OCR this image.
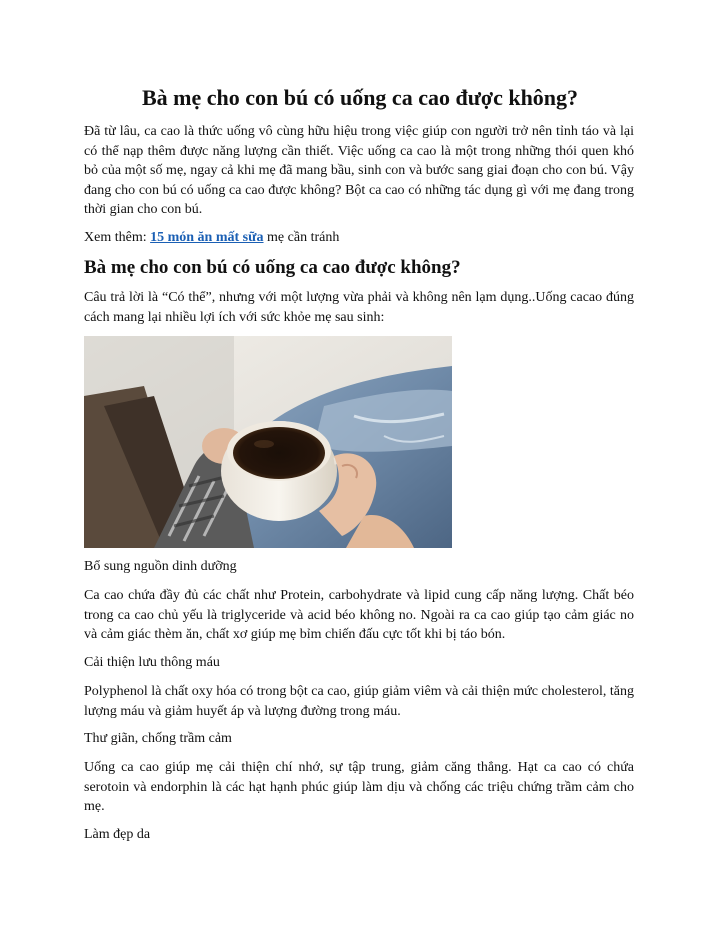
Bà mẹ cho con bú có uống ca cao được không?

Đã từ lâu, ca cao là thức uống vô cùng hữu hiệu trong việc giúp con người trở nên tỉnh táo và lại có thể nạp thêm được năng lượng cần thiết. Việc uống ca cao là một trong những thói quen khó bỏ của một số mẹ, ngay cả khi mẹ đã mang bầu, sinh con và bước sang giai đoạn cho con bú. Vậy đang cho con bú có uống ca cao được không? Bột ca cao có những tác dụng gì với mẹ đang trong thời gian cho con bú.

Xem thêm: 15 món ăn mất sữa mẹ cần tránh

Bà mẹ cho con bú có uống ca cao được không?

Câu trả lời là “Có thể”, nhưng với một lượng vừa phải và không nên lạm dụng..Uống cacao đúng cách mang lại nhiều lợi ích với sức khỏe mẹ sau sinh:

Bổ sung nguồn dinh dưỡng

Ca cao chứa đầy đủ các chất như Protein, carbohydrate và lipid cung cấp năng lượng. Chất béo trong ca cao chủ yếu là triglyceride và acid béo không no. Ngoài ra ca cao giúp tạo cảm giác no và cảm giác thèm ăn, chất xơ giúp mẹ bỉm chiến đấu cực tốt khi bị táo bón.

Cải thiện lưu thông máu

Polyphenol là chất oxy hóa có trong bột ca cao, giúp giảm viêm và cải thiện mức cholesterol, tăng lượng máu và giảm huyết áp và lượng đường trong máu.

Thư giãn, chống trầm cảm

Uống ca cao giúp mẹ cải thiện chí nhớ, sự tập trung, giảm căng thẳng. Hạt ca cao có chứa serotoin và endorphin là các hạt hạnh phúc giúp làm dịu và chống các triệu chứng trầm cảm cho mẹ.

Làm đẹp da
